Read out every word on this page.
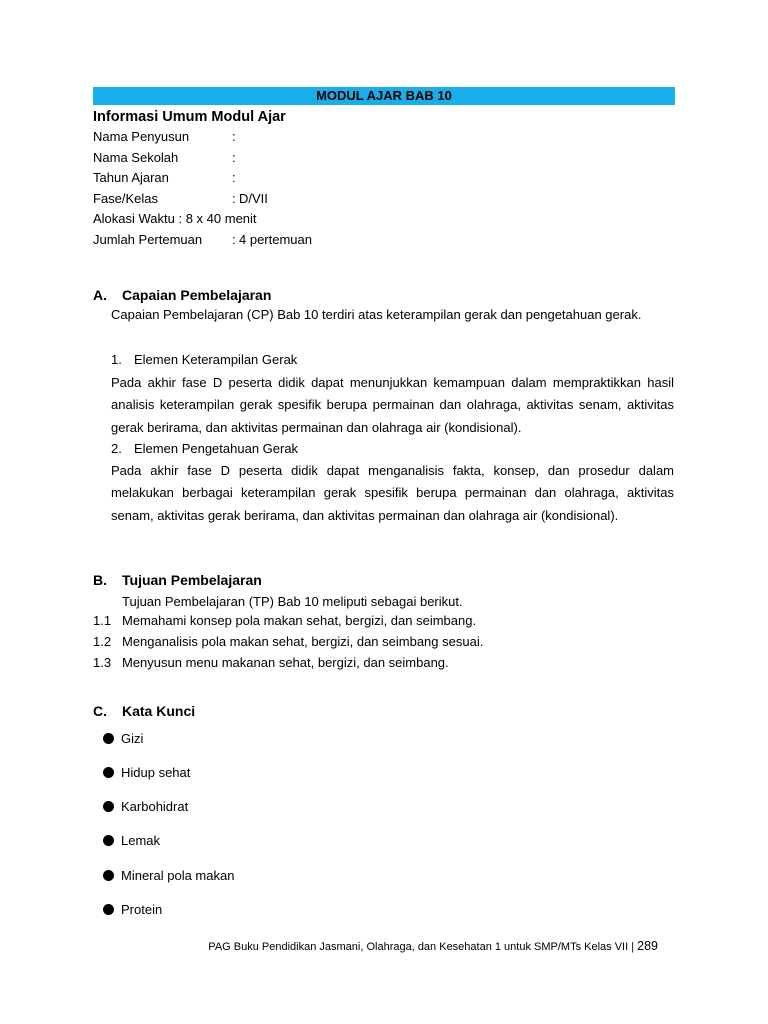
MODUL AJAR BAB 10
Informasi Umum Modul Ajar
Nama Penyusun	:
Nama Sekolah	:
Tahun Ajaran	:
Fase/Kelas	: D/VII
Alokasi Waktu : 8 x 40 menit
Jumlah Pertemuan : 4 pertemuan
A. Capaian Pembelajaran
Capaian Pembelajaran (CP) Bab 10 terdiri atas keterampilan gerak dan pengetahuan gerak.
1. Elemen Keterampilan Gerak
Pada akhir fase D peserta didik dapat menunjukkan kemampuan dalam mempraktikkan hasil analisis keterampilan gerak spesifik berupa permainan dan olahraga, aktivitas senam, aktivitas gerak berirama, dan aktivitas permainan dan olahraga air (kondisional).
2. Elemen Pengetahuan Gerak
Pada akhir fase D peserta didik dapat menganalisis fakta, konsep, dan prosedur dalam melakukan berbagai keterampilan gerak spesifik berupa permainan dan olahraga, aktivitas senam, aktivitas gerak berirama, dan aktivitas permainan dan olahraga air (kondisional).
B. Tujuan Pembelajaran
Tujuan Pembelajaran (TP) Bab 10 meliputi sebagai berikut.
1.1 Memahami konsep pola makan sehat, bergizi, dan seimbang.
1.2 Menganalisis pola makan sehat, bergizi, dan seimbang sesuai.
1.3 Menyusun menu makanan sehat, bergizi, dan seimbang.
C. Kata Kunci
Gizi
Hidup sehat
Karbohidrat
Lemak
Mineral pola makan
Protein
PAG Buku Pendidikan Jasmani, Olahraga, dan Kesehatan 1 untuk SMP/MTs Kelas VII | 289
